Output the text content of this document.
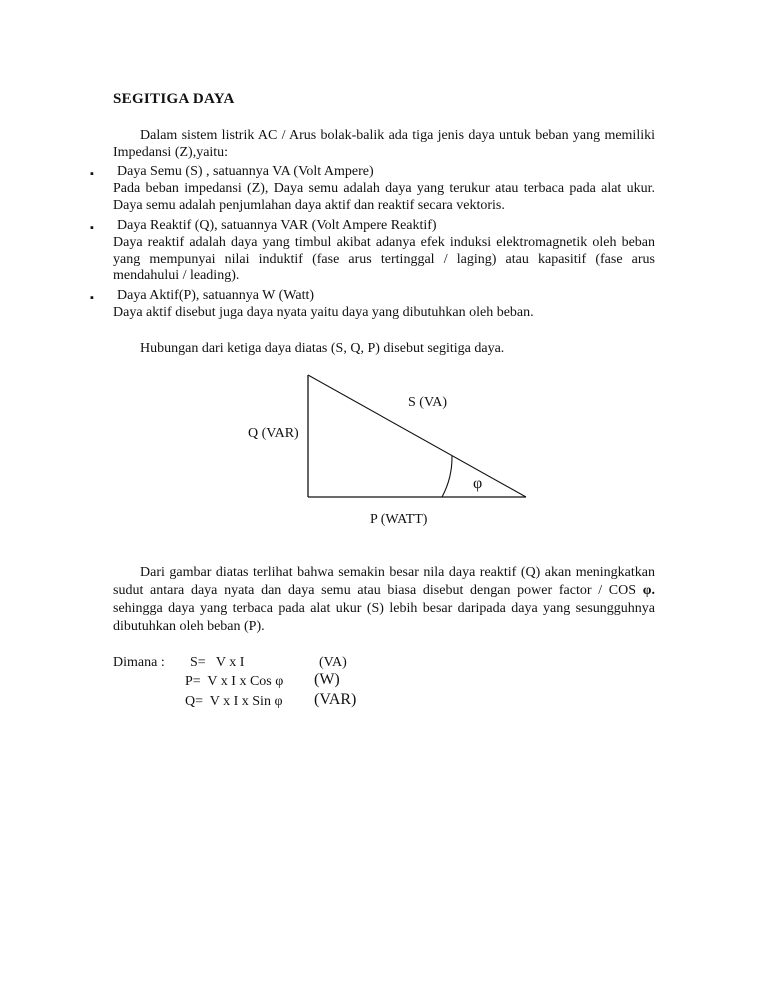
SEGITIGA DAYA

Dalam sistem listrik AC / Arus bolak-balik ada tiga jenis daya untuk beban yang memiliki Impedansi (Z),yaitu:

▪ Daya Semu (S) , satuannya VA (Volt Ampere)

Pada beban impedansi (Z), Daya semu adalah daya yang terukur atau terbaca pada alat ukur. Daya semu adalah penjumlahan daya aktif dan reaktif secara vektoris.

▪ Daya Reaktif (Q), satuannya VAR (Volt Ampere Reaktif)

Daya reaktif adalah daya yang timbul akibat adanya efek induksi elektromagnetik oleh beban yang mempunyai nilai induktif (fase arus tertinggal / laging) atau kapasitif (fase arus mendahului / leading).

▪ Daya Aktif(P), satuannya W (Watt)

Daya aktif disebut juga daya nyata yaitu daya yang dibutuhkan oleh beban.

Hubungan dari ketiga daya diatas (S, Q, P) disebut segitiga daya.

S (VA)
Q (VAR)
φ
P (WATT)

Dari gambar diatas terlihat bahwa semakin besar nila daya reaktif (Q) akan meningkatkan sudut antara daya nyata dan daya semu atau biasa disebut dengan power factor / COS φ. sehingga daya yang terbaca pada alat ukur (S) lebih besar daripada daya yang sesungguhnya dibutuhkan oleh beban (P).

Dimana : S=   V x I	(VA)
P=  V x I x Cos φ (W)
Q=  V x I x Sin φ (VAR)
